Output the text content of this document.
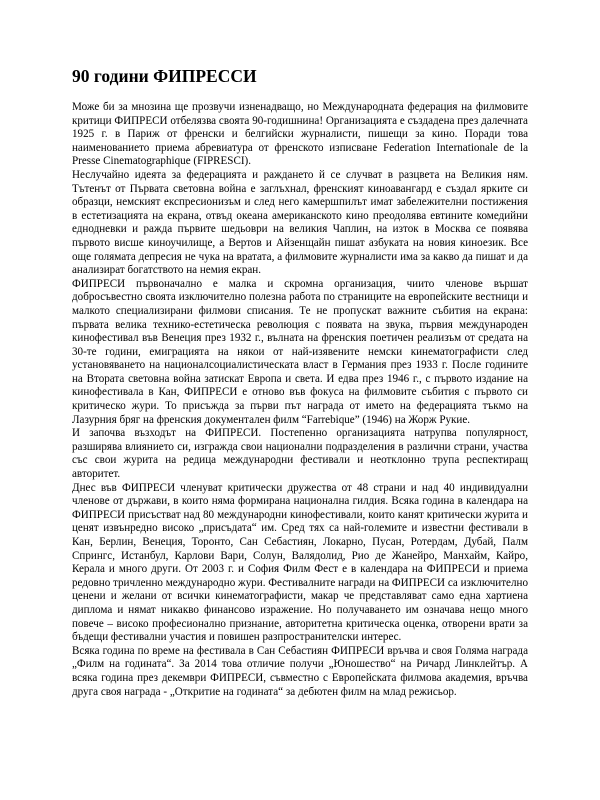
90 години ФИПРЕСCИ

Може би за мнозина ще прозвучи изненадващо, но Международната федерация на филмовите критици ФИПРЕСИ отбелязва своята 90-годишнина! Организацията е създадена през далечната 1925 г. в Париж от френски и белгийски журналисти, пишещи за кино. Поради това наименованието приема абревиатура от френското изписване Federation Internationale de la Presse Cinematographique (FIPRESCI).

Неслучайно идеята за федерацията и раждането й се случват в разцвета на Великия ням. Тътенът от Първата световна война е заглъхнал, френският киноавангард е създал ярките си образци, немският експресионизъм и след него камершпилът имат забележителни постижения в естетизацията на екрана, отвъд океана американското кино преодолява евтините комедийни еднодневки и ражда първите шедьоври на великия Чаплин, на изток в Москва се появява първото висше киноучилище, а Вертов и Айзенщайн пишат азбуката на новия киноезик. Все още голямата депресия не чука на вратата, а филмовите журналисти има за какво да пишат и да анализират богатството на немия екран.

ФИПРЕСИ първоначално е малка и скромна организация, чиито членове вършат добросъвестно своята изключително полезна работа по страниците на европейските вестници и малкото специализирани филмови списания. Те не пропускат важните събития на екрана: първата велика технико-естетическа революция с появата на звука, първия международен кинофестивал във Венеция през 1932 г., вълната на френския поетичен реализъм от средата на 30-те години, емиграцията на някои от най-изявените немски кинематографисти след установяването на националсоциалистическата власт в Германия през 1933 г. После годините на Втората световна война затискат Европа и света. И едва през 1946 г., с първото издание на кинофестивала в Кан, ФИПРЕСИ е отново във фокуса на филмовите събития с първото си критическо жури. То присъжда за първи път награда от името на федерацията тъкмо на Лазурния бряг на френския документален филм “Farrebique” (1946) на Жорж Рукие.

И започва възходът на ФИПРЕСИ. Постепенно организацията натрупва популярност, разширява влиянието си, изгражда свои национални подразделения в различни страни, участва със свои журита на редица международни фестивали и неотклонно трупа респектиращ авторитет.

Днес във ФИПРЕСИ членуват критически дружества от 48 страни и над 40 индивидуални членове от държави, в които няма формирана национална гилдия. Всяка година в календара на ФИПРЕСИ присъстват над 80 международни кинофестивали, които канят критически журита и ценят извънредно високо „присъдата“ им. Сред тях са най-големите и известни фестивали в Кан, Берлин, Венеция, Торонто, Сан Себастиян, Локарно, Пусан, Ротердам, Дубай, Палм Спрингс, Истанбул, Карлови Вари, Солун, Валядолид, Рио де Жанейро, Манхайм, Кайро, Керала и много други. От 2003 г. и София Филм Фест е в календара на ФИПРЕСИ и приема редовно тричленно международно жури. Фестивалните награди на ФИПРЕСИ са изключително ценени и желани от всички кинематографисти, макар че представляват само една хартиена диплома и нямат никакво финансово изражение. Но получаването им означава нещо много повече – високо професионално признание, авторитетна критическа оценка, отворени врати за бъдещи фестивални участия и повишен разпространителски интерес.

Всяка година по време на фестивала в Сан Себастиян ФИПРЕСИ връчва и своя Голяма награда „Филм на годината“. За 2014 това отличие получи „Юношество“ на Ричард Линклейтър. А всяка година през декември ФИПРЕСИ, съвместно с Европейската филмова академия, връчва друга своя награда - „Откритие на годината“ за дебютен филм на млад режисьор.
